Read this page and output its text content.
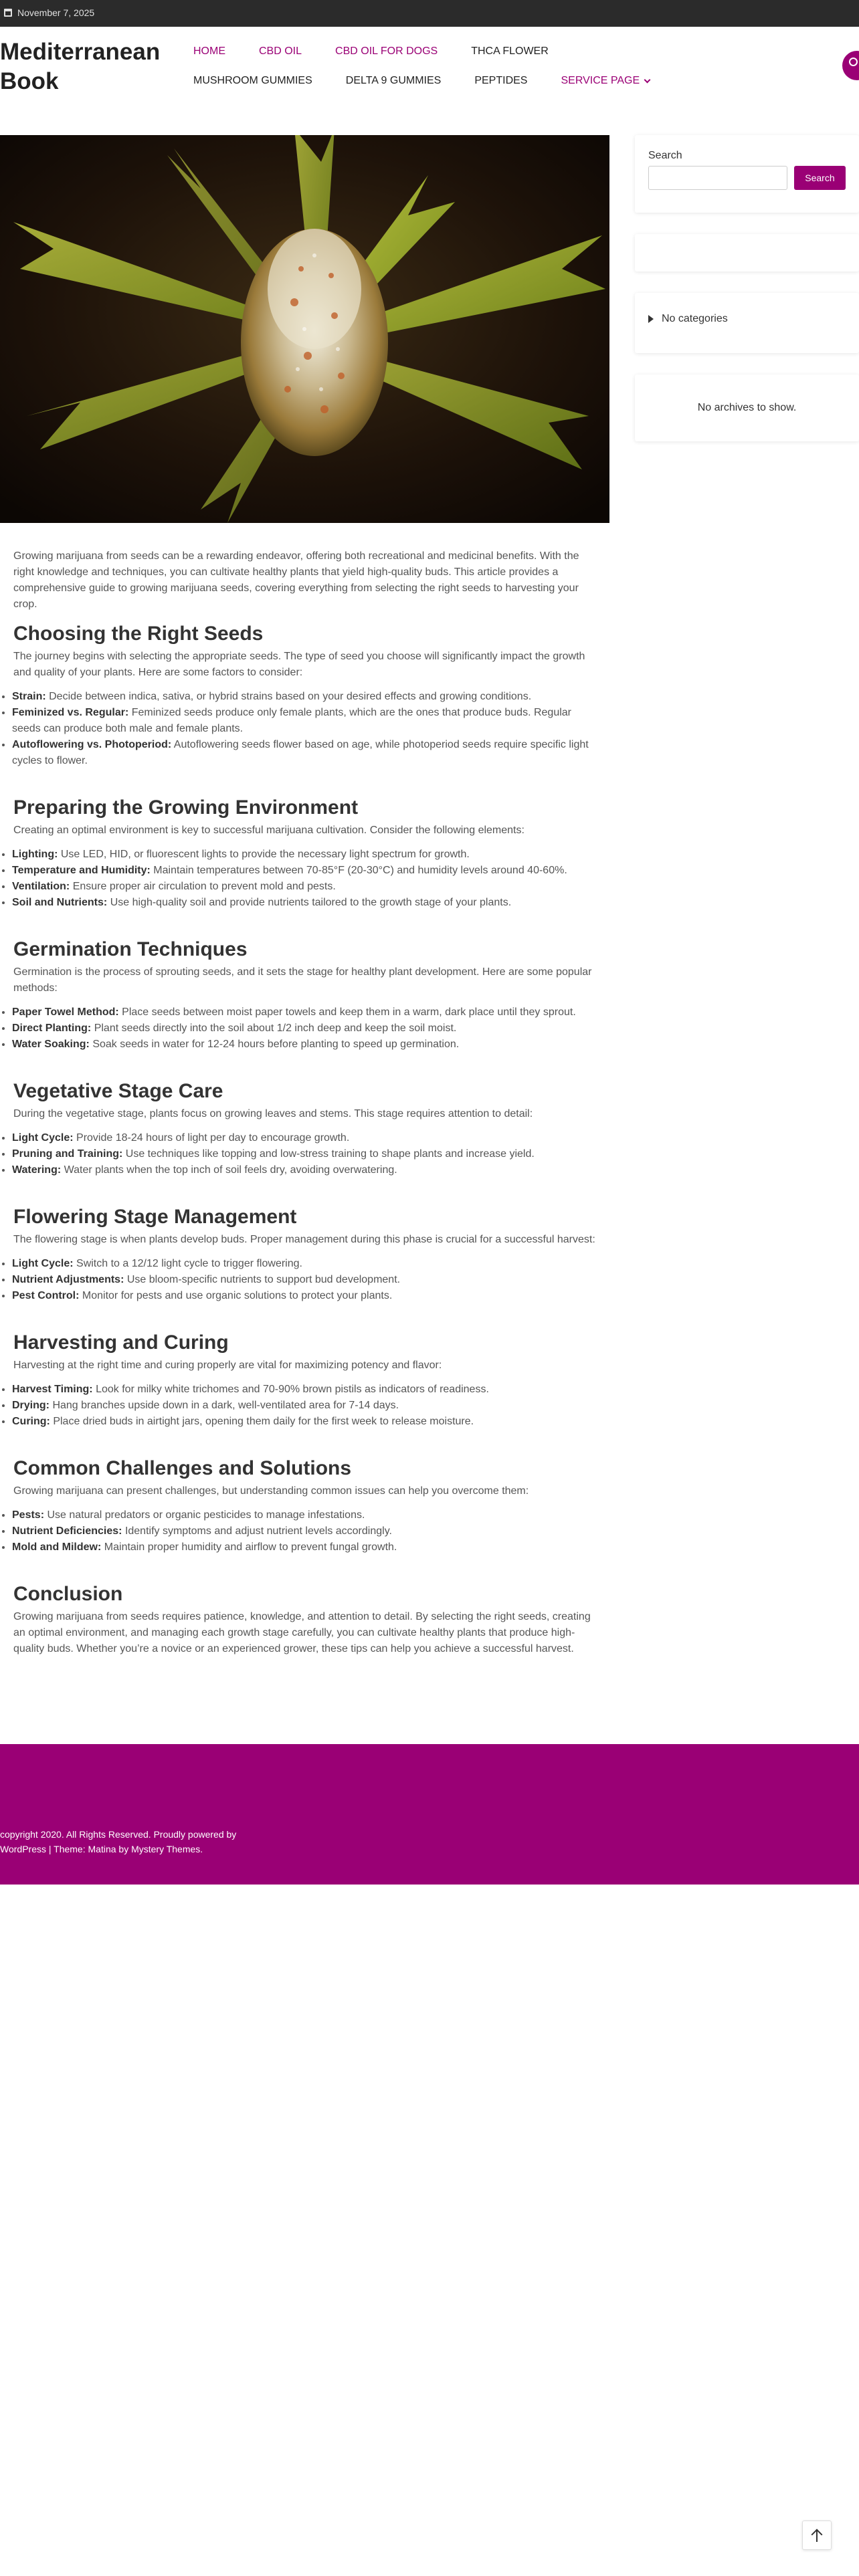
November 7, 2025
Mediterranean Book
HOME	CBD OIL	CBD OIL FOR DOGS	THCA FLOWER
MUSHROOM GUMMIES	DELTA 9 GUMMIES	PEPTIDES	SERVICE PAGE

Growing marijuana from seeds can be a rewarding endeavor, offering both recreational and medicinal benefits. With the right knowledge and techniques, you can cultivate healthy plants that yield high-quality buds. This article provides a comprehensive guide to growing marijuana seeds, covering everything from selecting the right seeds to harvesting your crop.

Choosing the Right Seeds

The journey begins with selecting the appropriate seeds. The type of seed you choose will significantly impact the growth and quality of your plants. Here are some factors to consider:

• Strain: Decide between indica, sativa, or hybrid strains based on your desired effects and growing conditions.
• Feminized vs. Regular: Feminized seeds produce only female plants, which are the ones that produce buds. Regular seeds can produce both male and female plants.
• Autoflowering vs. Photoperiod: Autoflowering seeds flower based on age, while photoperiod seeds require specific light cycles to flower.
Preparing the Growing Environment

Creating an optimal environment is key to successful marijuana cultivation. Consider the following elements:

• Lighting: Use LED, HID, or fluorescent lights to provide the necessary light spectrum for growth.
• Temperature and Humidity: Maintain temperatures between 70-85°F (20-30°C) and humidity levels around 40-60%.
• Ventilation: Ensure proper air circulation to prevent mold and pests.
• Soil and Nutrients: Use high-quality soil and provide nutrients tailored to the growth stage of your plants.
Germination Techniques

Germination is the process of sprouting seeds, and it sets the stage for healthy plant development. Here are some popular methods:

• Paper Towel Method: Place seeds between moist paper towels and keep them in a warm, dark place until they sprout.
• Direct Planting: Plant seeds directly into the soil about 1/2 inch deep and keep the soil moist.
• Water Soaking: Soak seeds in water for 12-24 hours before planting to speed up germination.
Vegetative Stage Care

During the vegetative stage, plants focus on growing leaves and stems. This stage requires attention to detail:

• Light Cycle: Provide 18-24 hours of light per day to encourage growth.
• Pruning and Training: Use techniques like topping and low-stress training to shape plants and increase yield.
• Watering: Water plants when the top inch of soil feels dry, avoiding overwatering.
Flowering Stage Management

The flowering stage is when plants develop buds. Proper management during this phase is crucial for a successful harvest:

• Light Cycle: Switch to a 12/12 light cycle to trigger flowering.
• Nutrient Adjustments: Use bloom-specific nutrients to support bud development.
• Pest Control: Monitor for pests and use organic solutions to protect your plants.
Harvesting and Curing

Harvesting at the right time and curing properly are vital for maximizing potency and flavor:

• Harvest Timing: Look for milky white trichomes and 70-90% brown pistils as indicators of readiness.
• Drying: Hang branches upside down in a dark, well-ventilated area for 7-14 days.
• Curing: Place dried buds in airtight jars, opening them daily for the first week to release moisture.
Common Challenges and Solutions

Growing marijuana can present challenges, but understanding common issues can help you overcome them:

• Pests: Use natural predators or organic pesticides to manage infestations.
• Nutrient Deficiencies: Identify symptoms and adjust nutrient levels accordingly.
• Mold and Mildew: Maintain proper humidity and airflow to prevent fungal growth.
Conclusion

Growing marijuana from seeds requires patience, knowledge, and attention to detail. By selecting the right seeds, creating an optimal environment, and managing each growth stage carefully, you can cultivate healthy plants that produce high-quality buds. Whether you’re a novice or an experienced grower, these tips can help you achieve a successful harvest.

Search
Search
No categories
No archives to show.
copyright 2020. All Rights Reserved. Proudly powered by WordPress | Theme: Matina by Mystery Themes.
